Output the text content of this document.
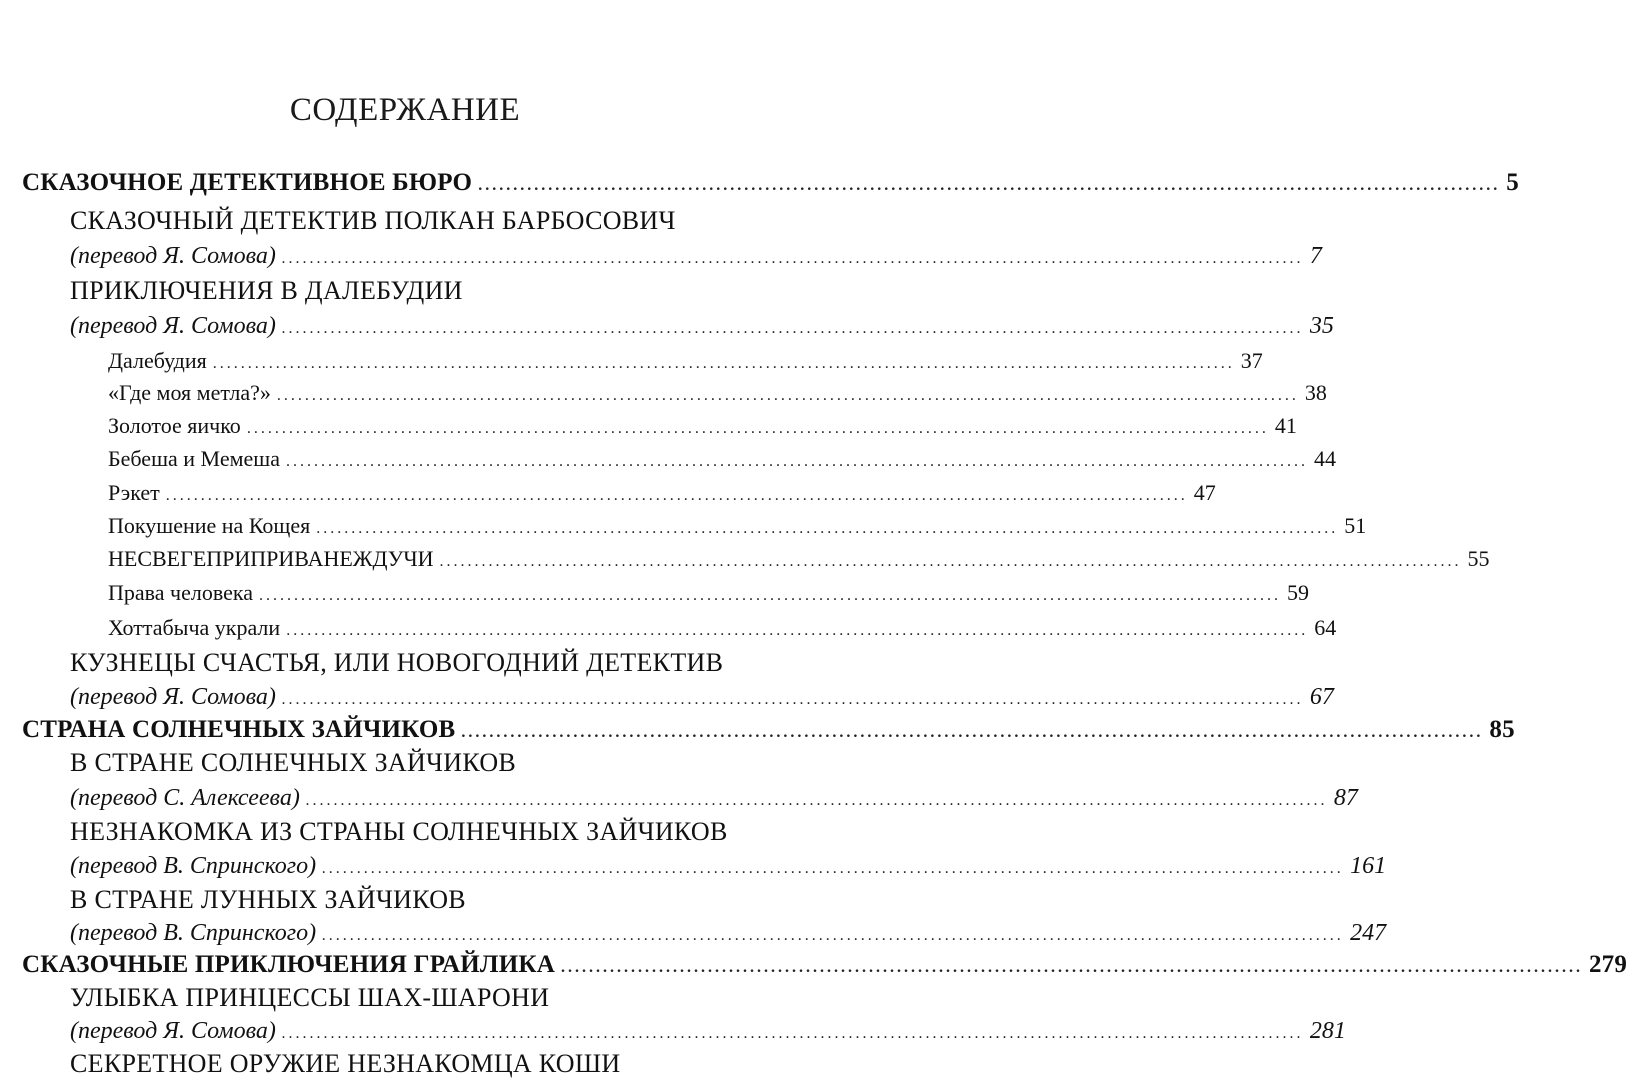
СОДЕРЖАНИЕ
СКАЗОЧНОЕ ДЕТЕКТИВНОЕ БЮРО .................................................................................................................................................. 5
СКАЗОЧНЫЙ ДЕТЕКТИВ ПОЛКАН БАРБОСОВИЧ
(перевод Я. Сомова) .................................................................................................................................................. 7
ПРИКЛЮЧЕНИЯ В ДАЛЕБУДИИ
(перевод Я. Сомова) .................................................................................................................................................. 35
Далебудия .................................................................................................................................................. 37
«Где моя метла?» .................................................................................................................................................. 38
Золотое яичко .................................................................................................................................................. 41
Бебеша и Мемеша .................................................................................................................................................. 44
Рэкет .................................................................................................................................................. 47
Покушение на Кощея .................................................................................................................................................. 51
НЕСВЕГЕПРИПРИВАНЕЖДУЧИ .................................................................................................................................................. 55
Права человека .................................................................................................................................................. 59
Хоттабыча украли .................................................................................................................................................. 64
КУЗНЕЦЫ СЧАСТЬЯ, ИЛИ НОВОГОДНИЙ ДЕТЕКТИВ
(перевод Я. Сомова) .................................................................................................................................................. 67
СТРАНА СОЛНЕЧНЫХ ЗАЙЧИКОВ .................................................................................................................................................. 85
В СТРАНЕ СОЛНЕЧНЫХ ЗАЙЧИКОВ
(перевод С. Алексеева) .................................................................................................................................................. 87
НЕЗНАКОМКА ИЗ СТРАНЫ СОЛНЕЧНЫХ ЗАЙЧИКОВ
(перевод В. Спринского) .................................................................................................................................................. 161
В СТРАНЕ ЛУННЫХ ЗАЙЧИКОВ
(перевод В. Спринского) .................................................................................................................................................. 247
СКАЗОЧНЫЕ ПРИКЛЮЧЕНИЯ ГРАЙЛИКА .................................................................................................................................................. 279
УЛЫБКА ПРИНЦЕССЫ ШАХ-ШАРОНИ
(перевод Я. Сомова) .................................................................................................................................................. 281
СЕКРЕТНОЕ ОРУЖИЕ НЕЗНАКОМЦА КОШИ
